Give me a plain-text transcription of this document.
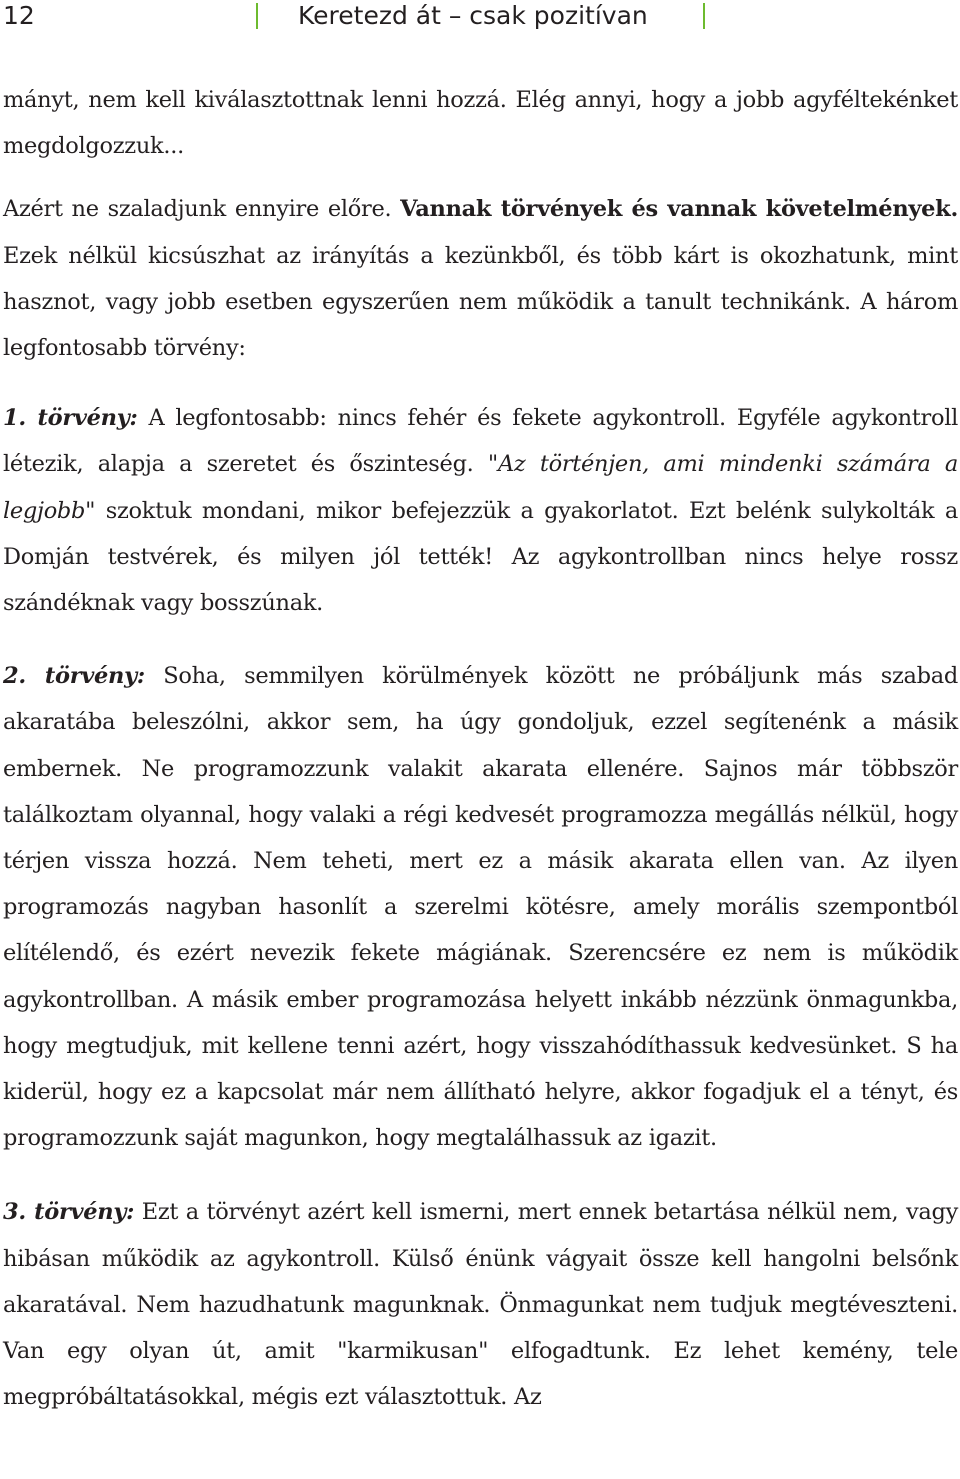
12	Keretezd át – csak pozitívan

mányt, nem kell kiválasztottnak lenni hozzá. Elég annyi, hogy a jobb agyféltekénket megdolgozzuk...

Azért ne szaladjunk ennyire előre. Vannak törvények és vannak követelmények. Ezek nélkül kicsúszhat az irányítás a kezünkből, és több kárt is okozhatunk, mint hasznot, vagy jobb esetben egyszerűen nem működik a tanult technikánk. A három legfontosabb törvény:

1. törvény: A legfontosabb: nincs fehér és fekete agykontroll. Egyféle agykontroll létezik, alapja a szeretet és őszinteség. "Az történjen, ami mindenki számára a legjobb" szoktuk mondani, mikor befejezzük a gyakorlatot. Ezt belénk sulykolták a Domján testvérek, és milyen jól tették! Az agykontrollban nincs helye rossz szándéknak vagy bosszúnak.

2. törvény: Soha, semmilyen körülmények között ne próbáljunk más szabad akaratába beleszólni, akkor sem, ha úgy gondoljuk, ezzel segítenénk a másik embernek. Ne programozzunk valakit akarata ellenére. Sajnos már többször találkoztam olyannal, hogy valaki a régi kedvesét programozza megállás nélkül, hogy térjen vissza hozzá. Nem teheti, mert ez a másik akarata ellen van. Az ilyen programozás nagyban hasonlít a szerelmi kötésre, amely morális szempontból elítélendő, és ezért nevezik fekete mágiának. Szerencsére ez nem is működik agykontrollban. A másik ember programozása helyett inkább nézzünk önmagunkba, hogy megtudjuk, mit kellene tenni azért, hogy visszahódíthassuk kedvesünket. S ha kiderül, hogy ez a kapcsolat már nem állítható helyre, akkor fogadjuk el a tényt, és programozzunk saját magunkon, hogy megtalálhassuk az igazit.

3. törvény: Ezt a törvényt azért kell ismerni, mert ennek betartása nélkül nem, vagy hibásan működik az agykontroll. Külső énünk vágyait össze kell hangolni belsőnk akaratával. Nem hazudhatunk magunknak. Önmagunkat nem tudjuk megtéveszteni. Van egy olyan út, amit "karmikusan" elfogadtunk. Ez lehet kemény, tele megpróbáltatásokkal, mégis ezt választottuk. Az
